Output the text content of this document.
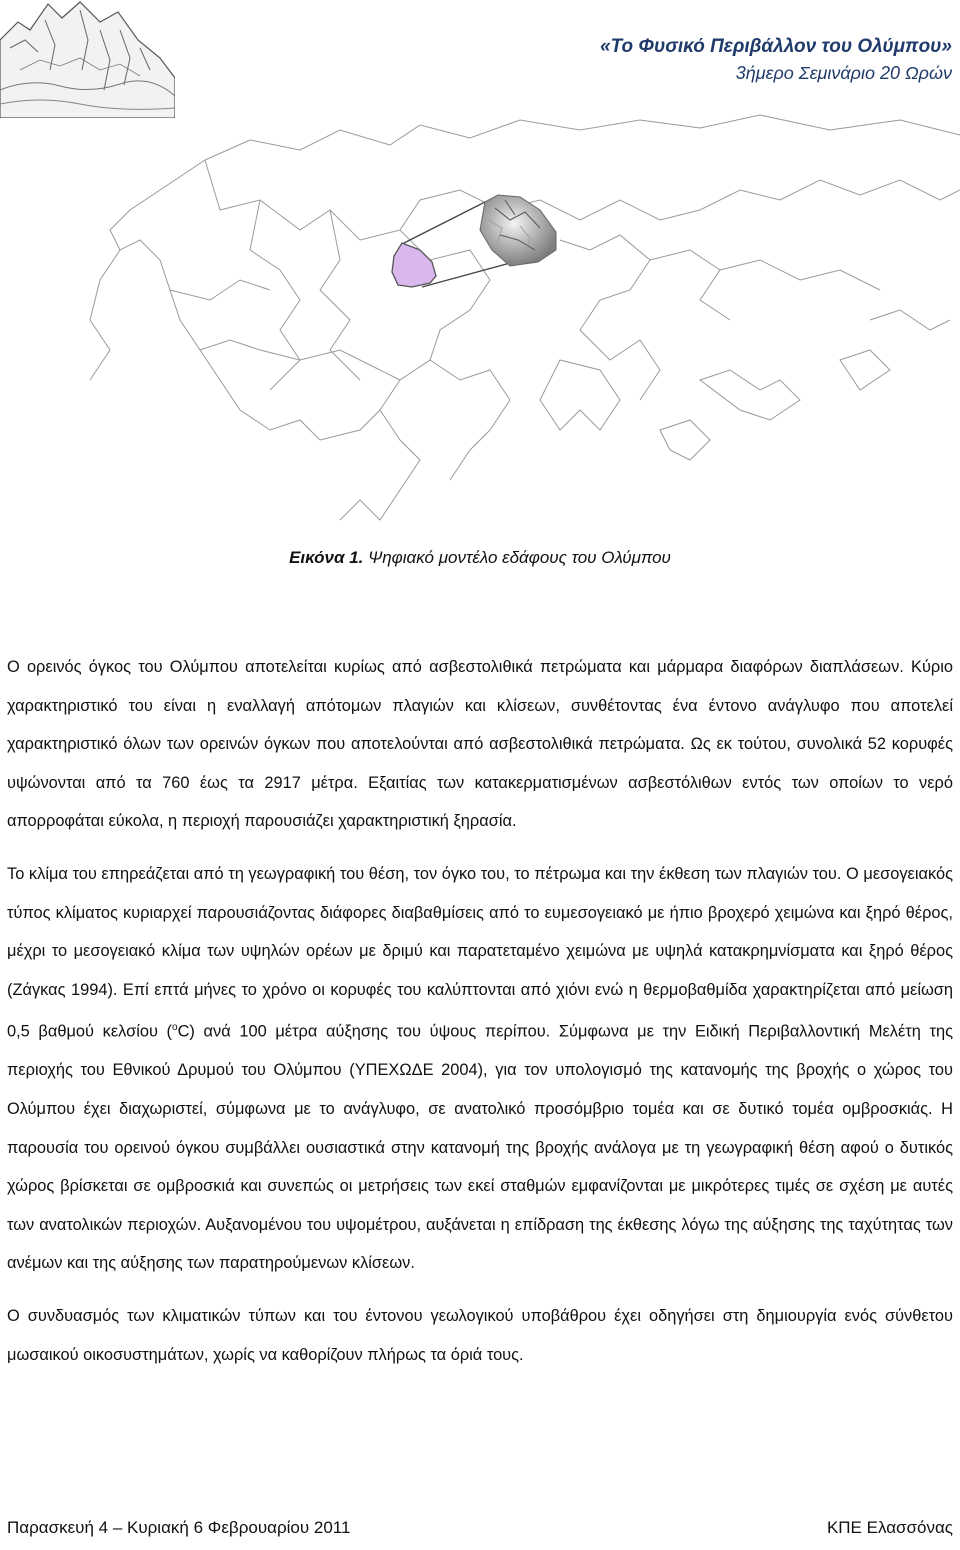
«Το Φυσικό Περιβάλλον του Ολύμπου»

3ήμερο Σεμινάριο 20 Ωρών

Εικόνα 1. Ψηφιακό μοντέλο εδάφους του Ολύμπου

Ο ορεινός όγκος του Ολύμπου αποτελείται κυρίως από ασβεστολιθικά πετρώματα και μάρμαρα διαφόρων διαπλάσεων. Κύριο χαρακτηριστικό του είναι η εναλλαγή απότομων πλαγιών και κλίσεων, συνθέτοντας ένα έντονο ανάγλυφο που αποτελεί χαρακτηριστικό όλων των ορεινών όγκων που αποτελούνται από ασβεστολιθικά πετρώματα. Ως εκ τούτου, συνολικά 52 κορυφές υψώνονται από τα 760 έως τα 2917 μέτρα. Εξαιτίας των κατακερματισμένων ασβεστόλιθων εντός των οποίων το νερό απορροφάται εύκολα, η περιοχή παρουσιάζει χαρακτηριστική ξηρασία.

Το κλίμα του επηρεάζεται από τη γεωγραφική του θέση, τον όγκο του, το πέτρωμα και την έκθεση των πλαγιών του. Ο μεσογειακός τύπος κλίματος κυριαρχεί παρουσιάζοντας διάφορες διαβαθμίσεις από το ευμεσογειακό με ήπιο βροχερό χειμώνα και ξηρό θέρος, μέχρι το μεσογειακό κλίμα των υψηλών ορέων με δριμύ και παρατεταμένο χειμώνα με υψηλά κατακρημνίσματα και ξηρό θέρος (Ζάγκας 1994). Επί επτά μήνες το χρόνο οι κορυφές του καλύπτονται από χιόνι ενώ η θερμοβαθμίδα χαρακτηρίζεται από μείωση 0,5 βαθμού κελσίου ($^o$C) ανά 100 μέτρα αύξησης του ύψους περίπου. Σύμφωνα με την Ειδική Περιβαλλοντική Μελέτη της περιοχής του Εθνικού Δρυμού του Ολύμπου (ΥΠΕΧΩΔΕ 2004), για τον υπολογισμό της κατανομής της βροχής ο χώρος του Ολύμπου έχει διαχωριστεί, σύμφωνα με το ανάγλυφο, σε ανατολικό προσόμβριο τομέα και σε δυτικό τομέα ομβροσκιάς. Η παρουσία του ορεινού όγκου συμβάλλει ουσιαστικά στην κατανομή της βροχής ανάλογα με τη γεωγραφική θέση αφού ο δυτικός χώρος βρίσκεται σε ομβροσκιά και συνεπώς οι μετρήσεις των εκεί σταθμών εμφανίζονται με μικρότερες τιμές σε σχέση με αυτές των ανατολικών περιοχών. Αυξανομένου του υψομέτρου, αυξάνεται η επίδραση της έκθεσης λόγω της αύξησης της ταχύτητας των ανέμων και της αύξησης των παρατηρούμενων κλίσεων.

Ο συνδυασμός των κλιματικών τύπων και του έντονου γεωλογικού υποβάθρου έχει οδηγήσει στη δημιουργία ενός σύνθετου μωσαικού οικοσυστημάτων, χωρίς να καθορίζουν πλήρως τα όριά τους.

Παρασκευή 4 – Κυριακή 6 Φεβρουαρίου 2011	ΚΠΕ Ελασσόνας
